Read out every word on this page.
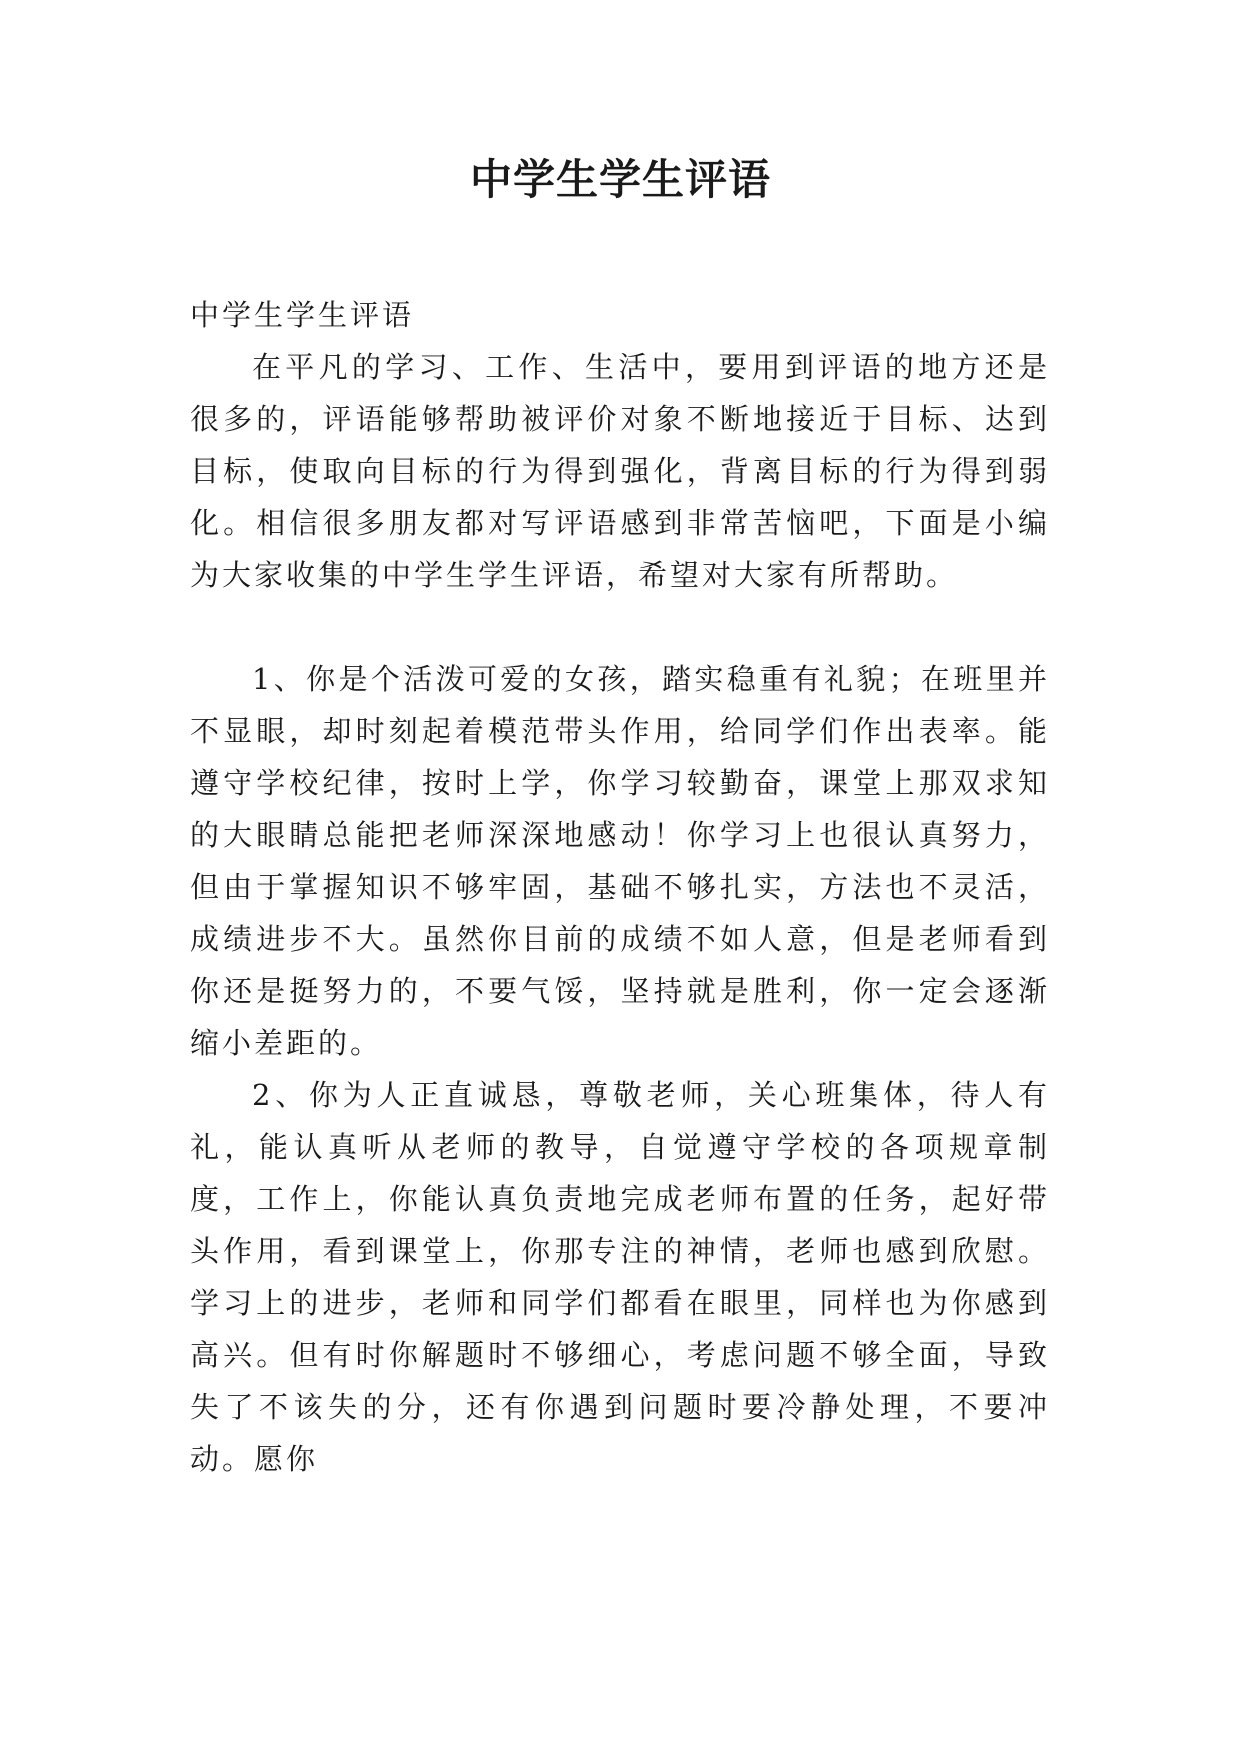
中学生学生评语

中学生学生评语

在平凡的学习、工作、生活中，要用到评语的地方还是很多的，评语能够帮助被评价对象不断地接近于目标、达到目标，使取向目标的行为得到强化，背离目标的行为得到弱化。相信很多朋友都对写评语感到非常苦恼吧，下面是小编为大家收集的中学生学生评语，希望对大家有所帮助。

1、你是个活泼可爱的女孩，踏实稳重有礼貌；在班里并不显眼，却时刻起着模范带头作用，给同学们作出表率。能遵守学校纪律，按时上学，你学习较勤奋，课堂上那双求知的大眼睛总能把老师深深地感动！你学习上也很认真努力，但由于掌握知识不够牢固，基础不够扎实，方法也不灵活，成绩进步不大。虽然你目前的成绩不如人意，但是老师看到你还是挺努力的，不要气馁，坚持就是胜利，你一定会逐渐缩小差距的。

2、你为人正直诚恳，尊敬老师，关心班集体，待人有礼，能认真听从老师的教导，自觉遵守学校的各项规章制度，工作上，你能认真负责地完成老师布置的任务，起好带头作用，看到课堂上，你那专注的神情，老师也感到欣慰。学习上的进步，老师和同学们都看在眼里，同样也为你感到高兴。但有时你解题时不够细心，考虑问题不够全面，导致失了不该失的分，还有你遇到问题时要冷静处理，不要冲动。愿你
